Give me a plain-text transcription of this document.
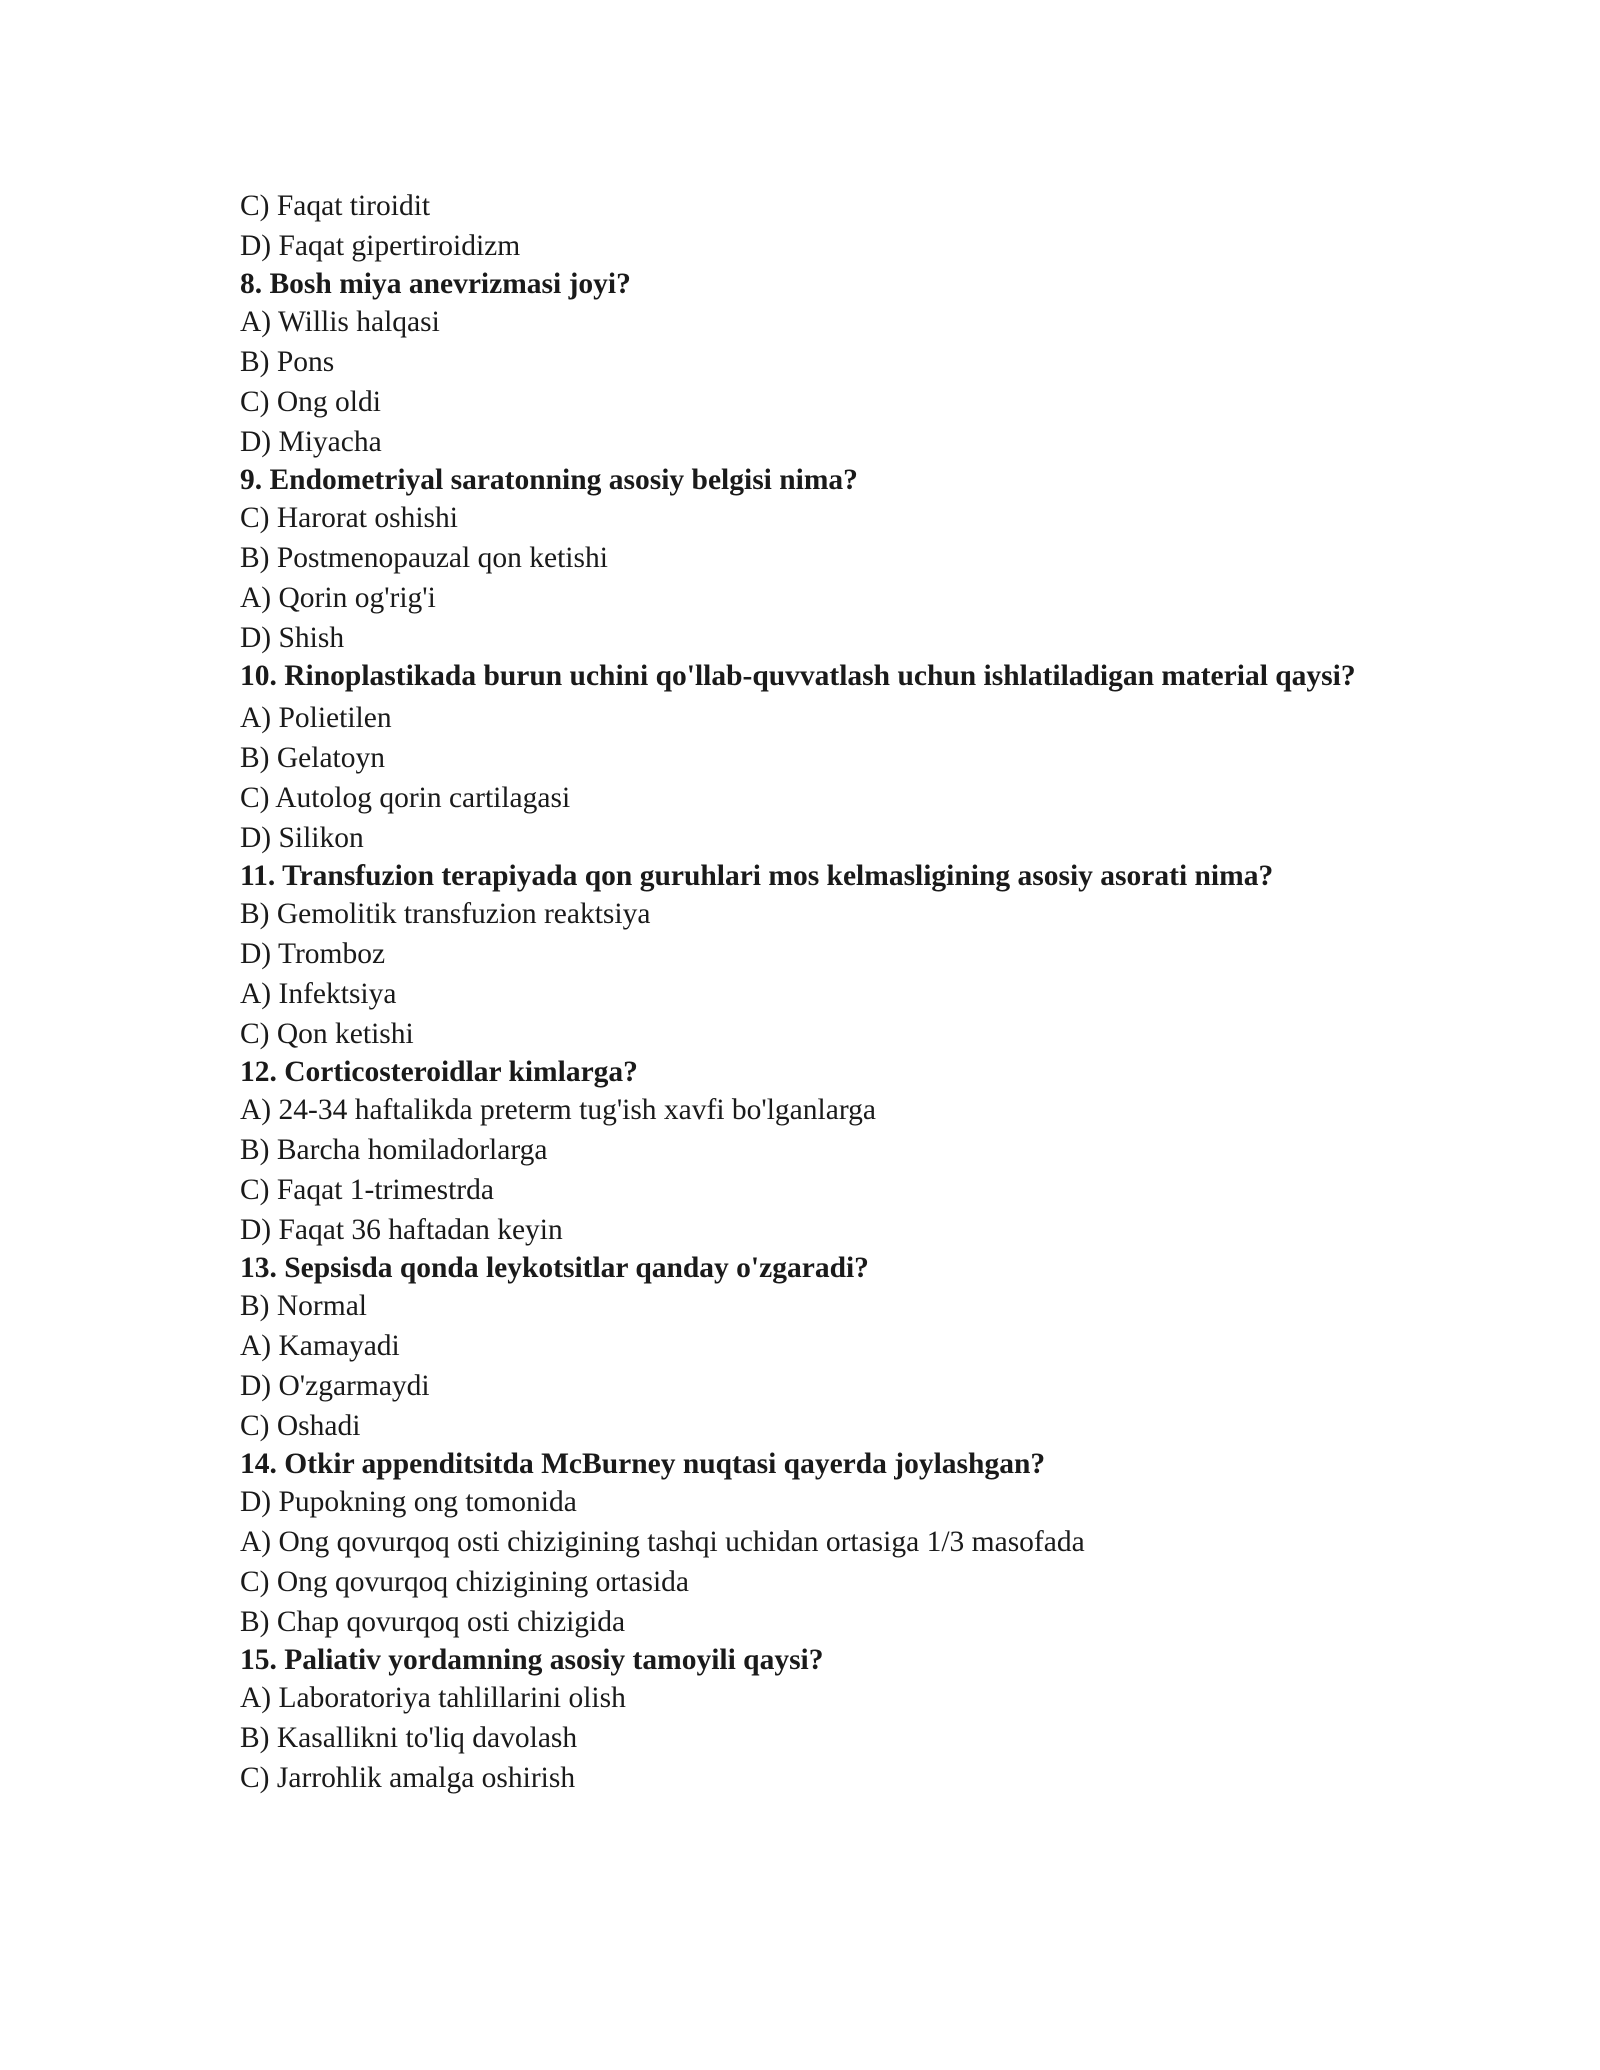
C) Faqat tiroidit
D) Faqat gipertiroidizm
8. Bosh miya anevrizmasi joyi?
A) Willis halqasi
B) Pons
C) Ong oldi
D) Miyacha
9. Endometriyal saratonning asosiy belgisi nima?
C) Harorat oshishi
B) Postmenopauzal qon ketishi
A) Qorin og'rig'i
D) Shish
10. Rinoplastikada burun uchini qo'llab-quvvatlash uchun ishlatiladigan material qaysi?
A) Polietilen
B) Gelatoyn
C) Autolog qorin cartilagasi
D) Silikon
11. Transfuzion terapiyada qon guruhlari mos kelmasligining asosiy asorati nima?
B) Gemolitik transfuzion reaktsiya
D) Tromboz
A) Infektsiya
C) Qon ketishi
12. Corticosteroidlar kimlarga?
A) 24-34 haftalikda preterm tug'ish xavfi bo'lganlarga
B) Barcha homiladorlarga
C) Faqat 1-trimestrda
D) Faqat 36 haftadan keyin
13. Sepsisda qonda leykotsitlar qanday o'zgaradi?
B) Normal
A) Kamayadi
D) O'zgarmaydi
C) Oshadi
14. Otkir appenditsitda McBurney nuqtasi qayerda joylashgan?
D) Pupokning ong tomonida
A) Ong qovurqoq osti chizigining tashqi uchidan ortasiga 1/3 masofada
C) Ong qovurqoq chizigining ortasida
B) Chap qovurqoq osti chizigida
15. Paliativ yordamning asosiy tamoyili qaysi?
A) Laboratoriya tahlillarini olish
B) Kasallikni to'liq davolash
C) Jarrohlik amalga oshirish
